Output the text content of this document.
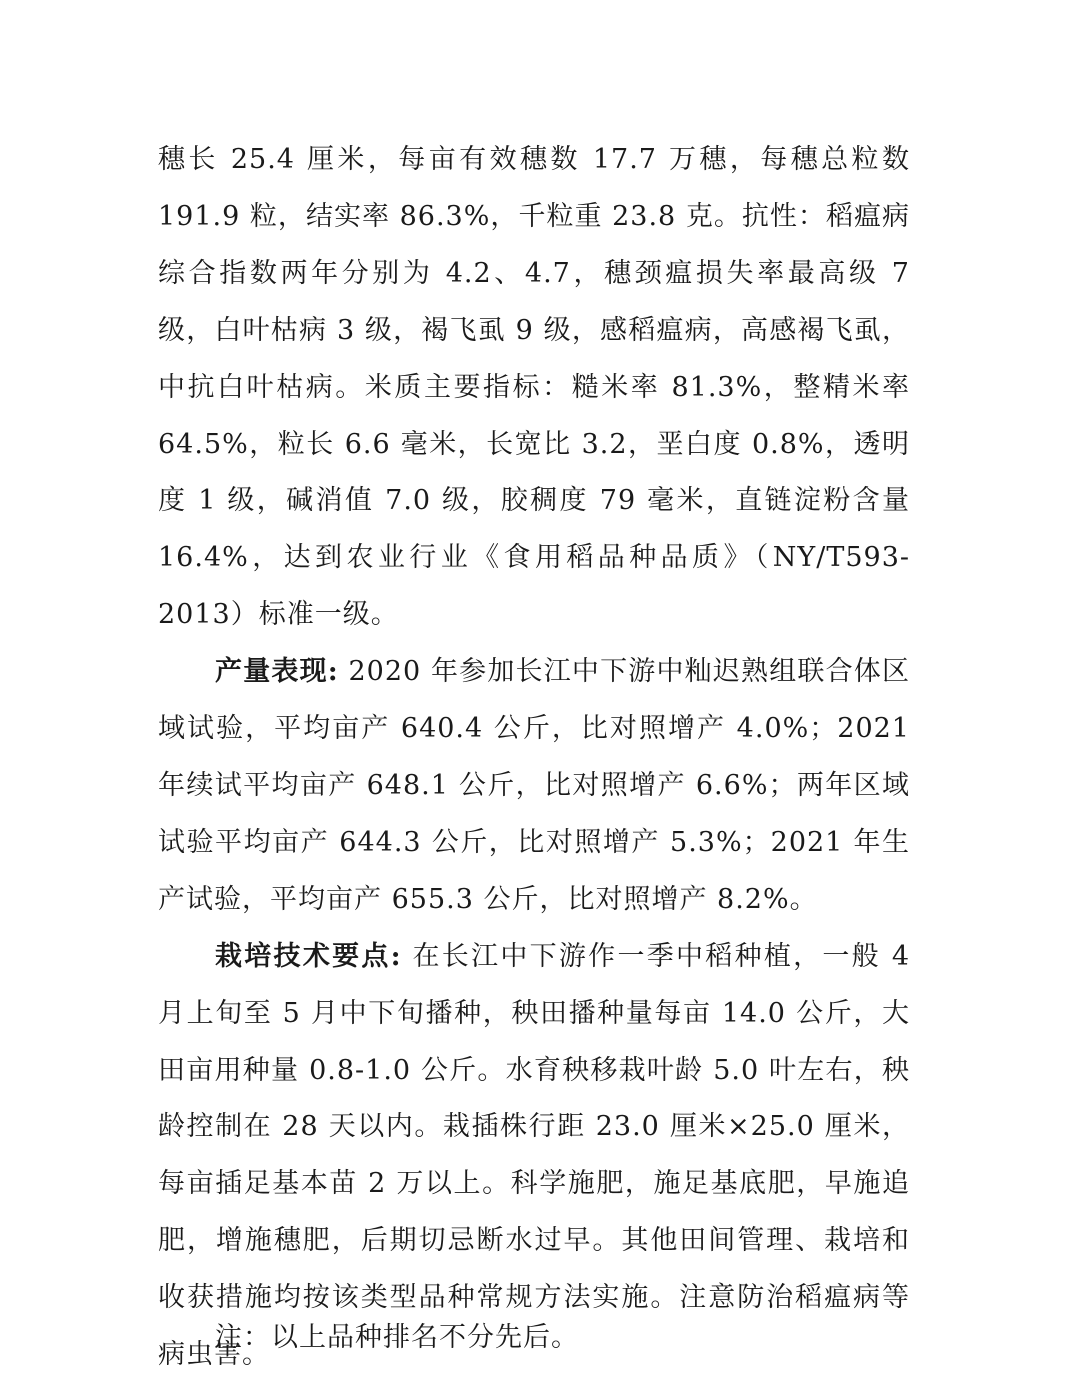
穗长 25.4 厘米，每亩有效穗数 17.7 万穗，每穗总粒数 191.9 粒，结实率 86.3%，千粒重 23.8 克。抗性：稻瘟病综合指数两年分别为 4.2、4.7，穗颈瘟损失率最高级 7 级，白叶枯病 3 级，褐飞虱 9 级，感稻瘟病，高感褐飞虱，中抗白叶枯病。米质主要指标：糙米率 81.3%，整精米率 64.5%，粒长 6.6 毫米，长宽比 3.2，垩白度 0.8%，透明度 1 级，碱消值 7.0 级，胶稠度 79 毫米，直链淀粉含量 16.4%，达到农业行业《食用稻品种品质》（NY/T593-2013）标准一级。

产量表现: 2020 年参加长江中下游中籼迟熟组联合体区域试验，平均亩产 640.4 公斤，比对照增产 4.0%；2021 年续试平均亩产 648.1 公斤，比对照增产 6.6%；两年区域试验平均亩产 644.3 公斤，比对照增产 5.3%；2021 年生产试验，平均亩产 655.3 公斤，比对照增产 8.2%。

栽培技术要点: 在长江中下游作一季中稻种植，一般 4 月上旬至 5 月中下旬播种，秧田播种量每亩 14.0 公斤，大田亩用种量 0.8-1.0 公斤。水育秧移栽叶龄 5.0 叶左右，秧龄控制在 28 天以内。栽插株行距 23.0 厘米×25.0 厘米，每亩插足基本苗 2 万以上。科学施肥，施足基底肥，早施追肥，增施穗肥，后期切忌断水过早。其他田间管理、栽培和收获措施均按该类型品种常规方法实施。注意防治稻瘟病等病虫害。

注：以上品种排名不分先后。
